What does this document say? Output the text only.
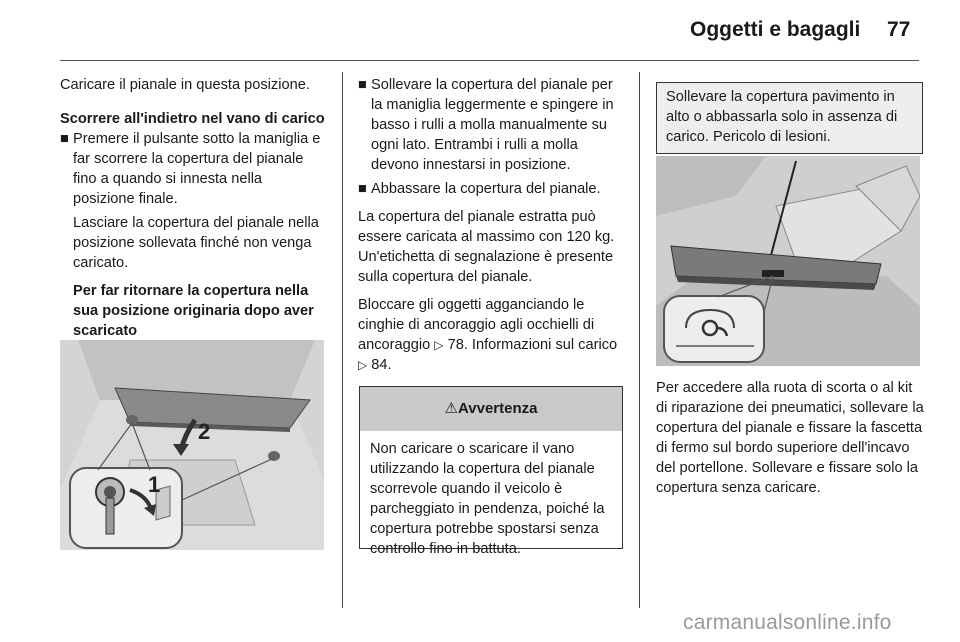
Oggetti e bagagli 77

Caricare il pianale in questa posizione.

Scorrere all'indietro nel vano di carico

■ Premere il pulsante sotto la maniglia e far scorrere la copertura del pianale fino a quando si innesta nella posizione finale.

Lasciare la copertura del pianale nella posizione sollevata finché non venga caricato.

Per far ritornare la copertura nella sua posizione originaria dopo aver scaricato

2
1
■ Sollevare la copertura del pianale per la maniglia leggermente e spingere in basso i rulli a molla manualmente su ogni lato. Entrambi i rulli a molla devono innestarsi in posizione.
■ Abbassare la copertura del pianale.

La copertura del pianale estratta può essere caricata al massimo con 120 kg. Un'etichetta di segnalazione è presente sulla copertura del pianale.

Bloccare gli oggetti agganciando le cinghie di ancoraggio agli occhielli di ancoraggio ▷ 78. Informazioni sul carico ▷ 84.

⚠Avvertenza
Non caricare o scaricare il vano utilizzando la copertura del pianale scorrevole quando il veicolo è parcheggiato in pendenza, poiché la copertura potrebbe spostarsi senza controllo fino in battuta.
Sollevare la copertura pavimento in alto o abbassarla solo in assenza di carico. Pericolo di lesioni.

Per accedere alla ruota di scorta o al kit di riparazione dei pneumatici, sollevare la copertura del pianale e fissare la fascetta di fermo sul bordo superiore dell'incavo del portellone. Sollevare e fissare solo la copertura senza caricare.

carmanualsonline.info
